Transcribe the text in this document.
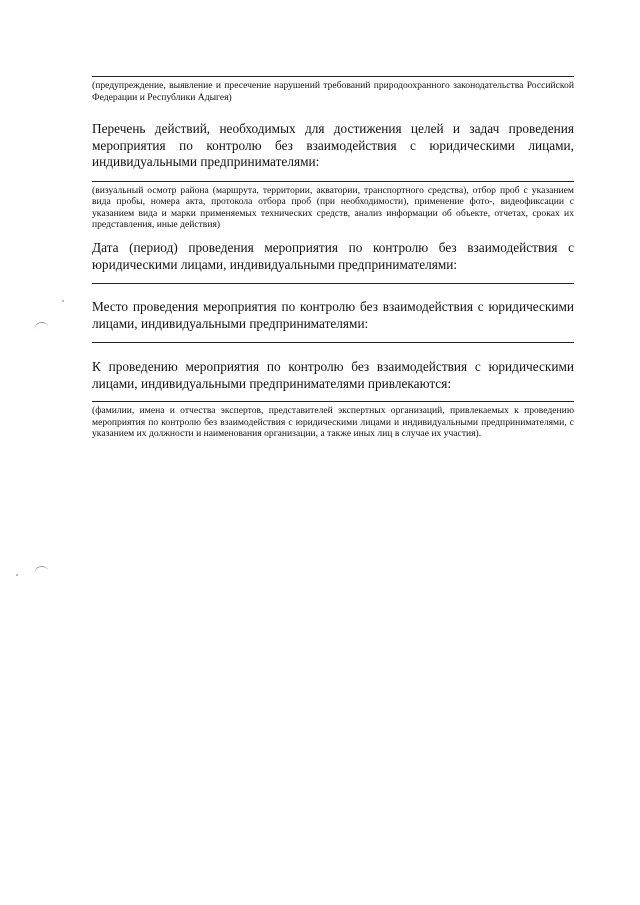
(предупреждение, выявление и пресечение нарушений требований природоохранного законодательства Российской Федерации и Республики Адыгея)
Перечень действий, необходимых для достижения целей и задач проведения мероприятия по контролю без взаимодействия с юридическими лицами, индивидуальными предпринимателями:
(визуальный осмотр района (маршрута, территории, акватории, транспортного средства), отбор проб с указанием вида пробы, номера акта, протокола отбора проб (при необходимости), применение фото-, видеофиксации с указанием вида и марки применяемых технических средств, анализ информации об объекте, отчетах, сроках их представления, иные действия)
Дата (период) проведения мероприятия по контролю без взаимодействия с юридическими лицами, индивидуальными предпринимателями:
Место проведения мероприятия по контролю без взаимодействия с юридическими лицами, индивидуальными предпринимателями:
К проведению мероприятия по контролю без взаимодействия с юридическими лицами, индивидуальными предпринимателями привлекаются:
(фамилии, имена и отчества экспертов, представителей экспертных организаций, привлекаемых к проведению мероприятия по контролю без взаимодействия с юридическими лицами и индивидуальными предпринимателями, с указанием их должности и наименования организации, а также иных лиц в случае их участия).
